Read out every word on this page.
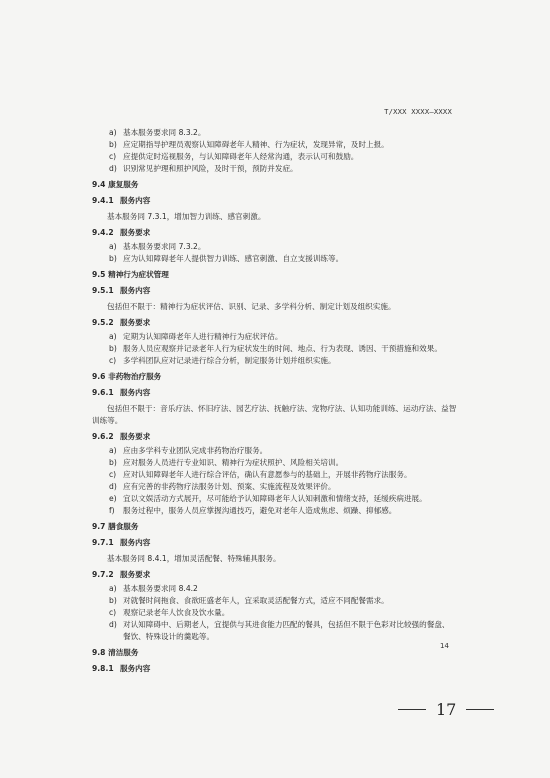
T/XXX XXXX—XXXX
a) 基本服务要求同 8.3.2。
b) 应定期指导护理员观察认知障碍老年人精神、行为症状，发现异常，及时上报。
c) 应提供定时巡视服务，与认知障碍老年人经常沟通，表示认可和鼓励。
d) 识别常见护理和照护风险，及时干预，预防并发症。
9.4 康复服务
9.4.1 服务内容
基本服务同 7.3.1，增加智力训练、感官刺激。
9.4.2 服务要求
a) 基本服务要求同 7.3.2。
b) 应为认知障碍老年人提供智力训练、感官刺激、自立支援训练等。
9.5 精神行为症状管理
9.5.1 服务内容
包括但不限于：精神行为症状评估、识别、记录、多学科分析、制定计划及组织实施。
9.5.2 服务要求
a) 定期为认知障碍老年人进行精神行为症状评估。
b) 服务人员应观察并记录老年人行为症状发生的时间、地点、行为表现、诱因、干预措施和效果。
c) 多学科团队应对记录进行综合分析，制定服务计划并组织实施。
9.6 非药物治疗服务
9.6.1 服务内容
包括但不限于：音乐疗法、怀旧疗法、园艺疗法、抚触疗法、宠物疗法、认知功能训练、运动疗法、益智训练等。
9.6.2 服务要求
a) 应由多学科专业团队完成非药物治疗服务。
b) 应对服务人员进行专业知识、精神行为症状照护、风险相关培训。
c) 应对认知障碍老年人进行综合评估，确认有意愿参与的基础上，开展非药物疗法服务。
d) 应有完善的非药物疗法服务计划、预案、实施流程及效果评价。
e) 宜以文娱活动方式展开，尽可能给予认知障碍老年人认知刺激和情绪支持，延缓疾病进展。
f)	服务过程中，服务人员应掌握沟通技巧，避免对老年人造成焦虑、烦躁、抑郁感。
9.7 膳食服务
9.7.1 服务内容
基本服务同 8.4.1，增加灵活配餐、特殊辅具服务。
9.7.2 服务要求
a) 基本服务要求同 8.4.2
b) 对就餐时间拖食、食欲旺盛老年人，宜采取灵活配餐方式，适应不同配餐需求。
c) 观察记录老年人饮食及饮水量。
d) 对认知障碍中、后期老人，宜提供与其进食能力匹配的餐具，包括但不限于色彩对比较强的餐盘、餐饮、特殊设计的羹匙等。
9.8 清洁服务
9.8.1 服务内容
14
17
